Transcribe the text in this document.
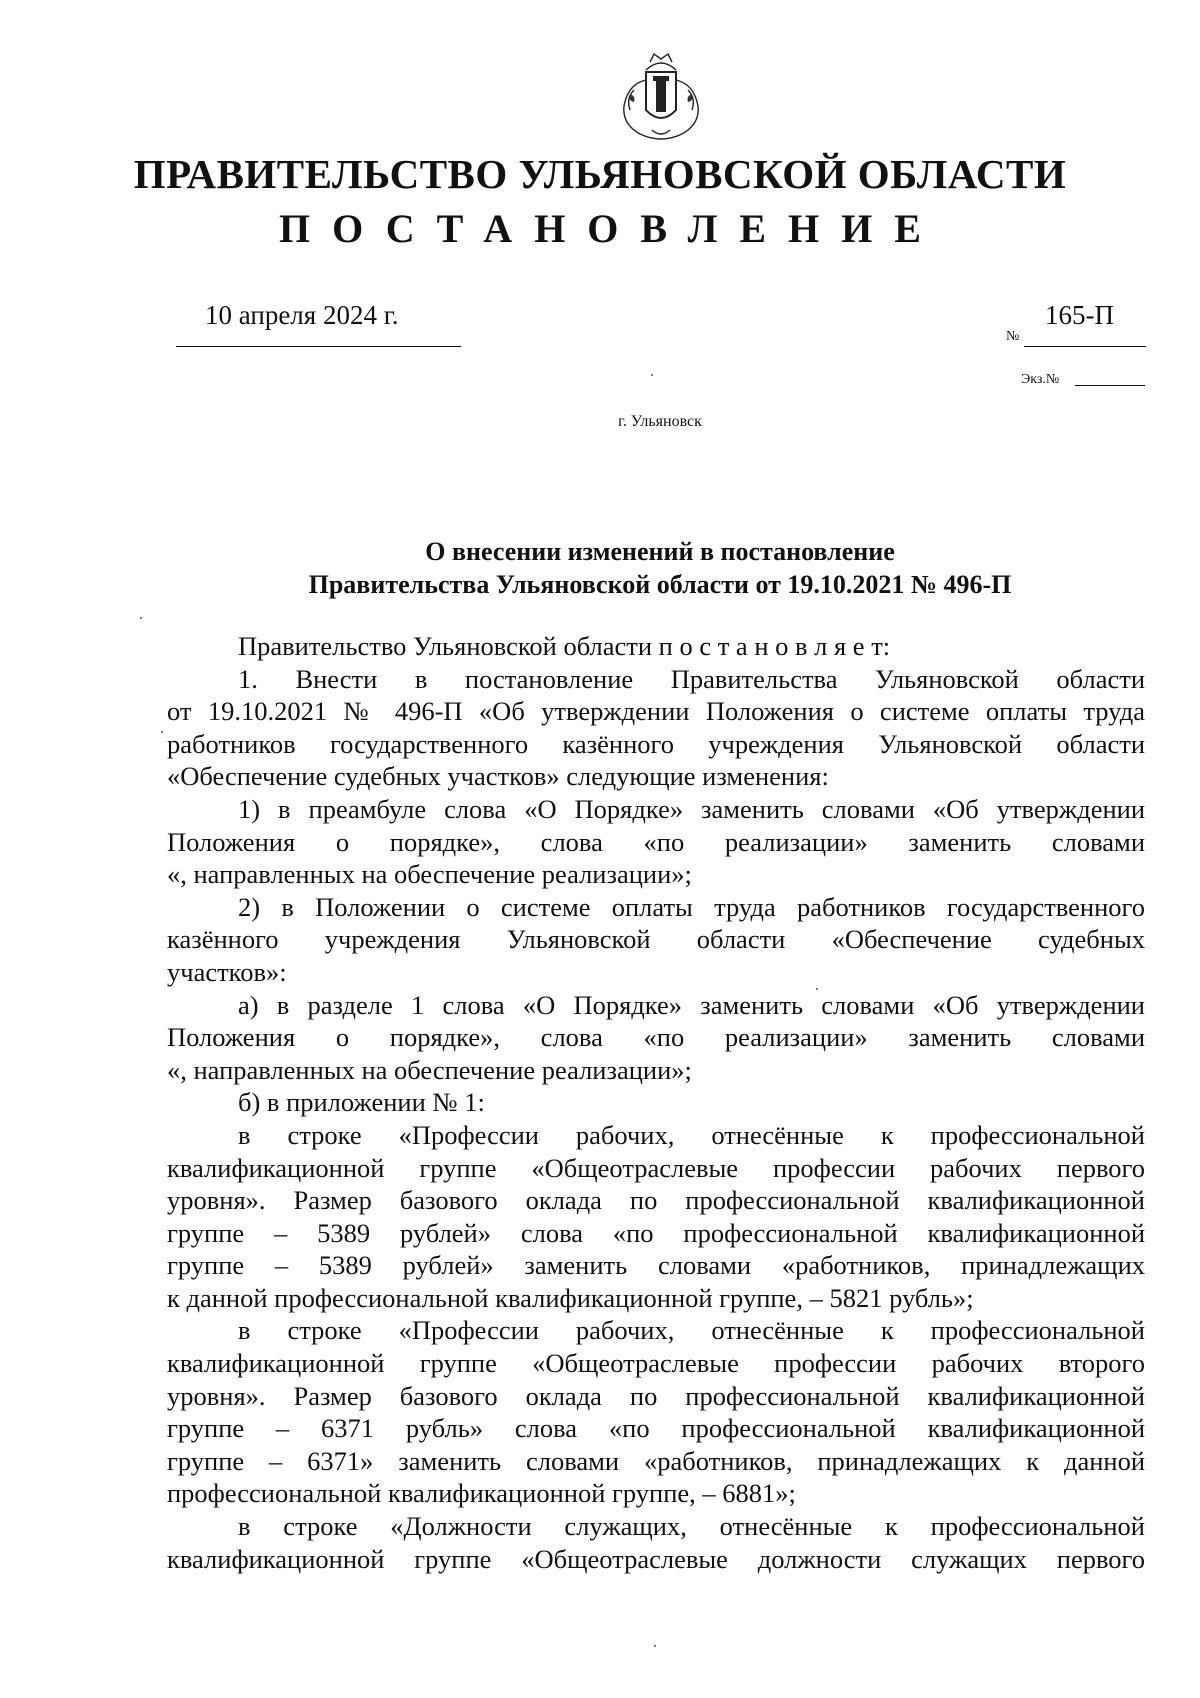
ПРАВИТЕЛЬСТВО УЛЬЯНОВСКОЙ ОБЛАСТИ
ПОСТАНОВЛЕНИЕ
10 апреля 2024 г.	165-П
№
Экз.№
г. Ульяновск
О внесении изменений в постановление
Правительства Ульяновской области от 19.10.2021 № 496-П
Правительство Ульяновской области п о с т а н о в л я е т:
1. Внести в постановление Правительства Ульяновской области
от 19.10.2021 № 496-П «Об утверждении Положения о системе оплаты труда
работников государственного казённого учреждения Ульяновской области
«Обеспечение судебных участков» следующие изменения:
1) в преамбуле слова «О Порядке» заменить словами «Об утверждении
Положения о порядке», слова «по реализации» заменить словами
«, направленных на обеспечение реализации»;
2) в Положении о системе оплаты труда работников государственного
казённого учреждения Ульяновской области «Обеспечение судебных
участков»:
а) в разделе 1 слова «О Порядке» заменить словами «Об утверждении
Положения о порядке», слова «по реализации» заменить словами
«, направленных на обеспечение реализации»;
б) в приложении № 1:
в строке «Профессии рабочих, отнесённые к профессиональной
квалификационной группе «Общеотраслевые профессии рабочих первого
уровня». Размер базового оклада по профессиональной квалификационной
группе – 5389 рублей» слова «по профессиональной квалификационной
группе – 5389 рублей» заменить словами «работников, принадлежащих
к данной профессиональной квалификационной группе, – 5821 рубль»;
в строке «Профессии рабочих, отнесённые к профессиональной
квалификационной группе «Общеотраслевые профессии рабочих второго
уровня». Размер базового оклада по профессиональной квалификационной
группе – 6371 рубль» слова «по профессиональной квалификационной
группе – 6371» заменить словами «работников, принадлежащих к данной
профессиональной квалификационной группе, – 6881»;
в строке «Должности служащих, отнесённые к профессиональной
квалификационной группе «Общеотраслевые должности служащих первого
